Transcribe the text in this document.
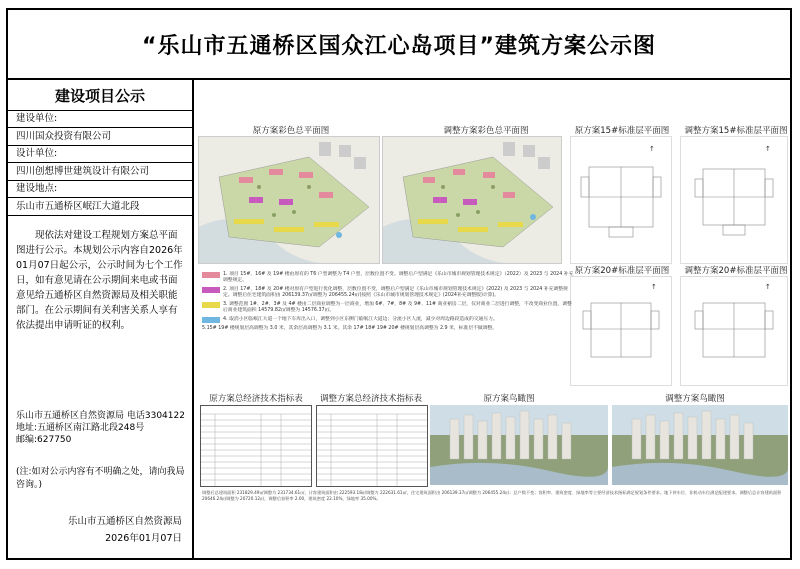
“乐山市五通桥区国众江心岛项目”建筑方案公示图
建设项目公示
建设单位:
四川国众投资有限公司
设计单位:
四川创想博世建筑设计有限公司
建设地点:
乐山市五通桥区岷江大道北段
现依法对建设工程规划方案总平面图进行公示。本规划公示内容自2026年01月07日起公示，公示时间为七个工作日，如有意见请在公示期间来电或书面意见给五通桥区自然资源局及相关职能部门。在公示期间有关利害关系人享有依法提出申请听证的权利。
乐山市五通桥区自然资源局 电话3304122
地址:五通桥区南江路北段248号
邮编:627750
(注:如对公示内容有不明确之处，请向我局咨询。)
乐山市五通桥区自然资源局
2026年01月07日
原方案彩色总平面图	调整方案彩色总平面图	原方案15#标准层平面图
↑
调整方案15#标准层平面图
↑
原方案20#标准层平面图
↑
调整方案20#标准层平面图
↑
1. 项目 15#、16# 及 19# 楼由原有的 T6 户型调整为 T4 户型，层数位置不变。调整后户型满足《乐山市城市规划管理技术规定》（2022）及 2023 与 2024 补充调整规定。
2. 项目 17#、18# 及 20# 楼对原有户型进行优化调整，层数位置不变，调整后户型满足《乐山市城市规划管理技术规定》(2022) 及 2023 与 2024 补充调整规定。调整后住宅建筑面积由 206139.37㎡调整为 206455.24㎡(按照《乐山市城市规划管理技术规定》(2024补充调整版)计算)。
3. 调整范围 1#、2#、3# 及 4# 楼由二层商业调整为一层商业，增加 6#、7#、8# 及 9#、11# 商业裙房二层，仅对商业二层进行调整，不改变商业位置，调整后商业建筑面积 14579.82㎡调整为 14576.37㎡。
4. 取消小区临岷江大道一个地下车库出入口，调整到小区东侧门临岷江大道边；分流小区人流，减少对周边路段造成的交通压力。
5.15# 19# 楼规划层高调整为 3.0 米，其余层高调整为 3.1 米。其余 17# 18# 19# 20# 楼规划层高调整为 2.9 米，标准层不做调整。
原方案总经济技术指标表	调整方案总经济技术指标表	原方案鸟瞰图	调整方案鸟瞰图
调整后总建筑面积 231829.49㎡调整为 231734.61㎡，计容建筑面积由 222593.18㎡调整为 222631.61㎡，住宅建筑面积由 206139.37㎡调整为 206455.24㎡；总户数不变；容积率、建筑密度、绿地率等主要经济技术指标满足规划条件要求。地下停车位、非机动车位满足配建要求。调整后总计容建筑面积 20646.24㎡调整为 20720.12㎡，调整后容积率 2.00，建筑密度 22.10%，绿地率 35.00%。
